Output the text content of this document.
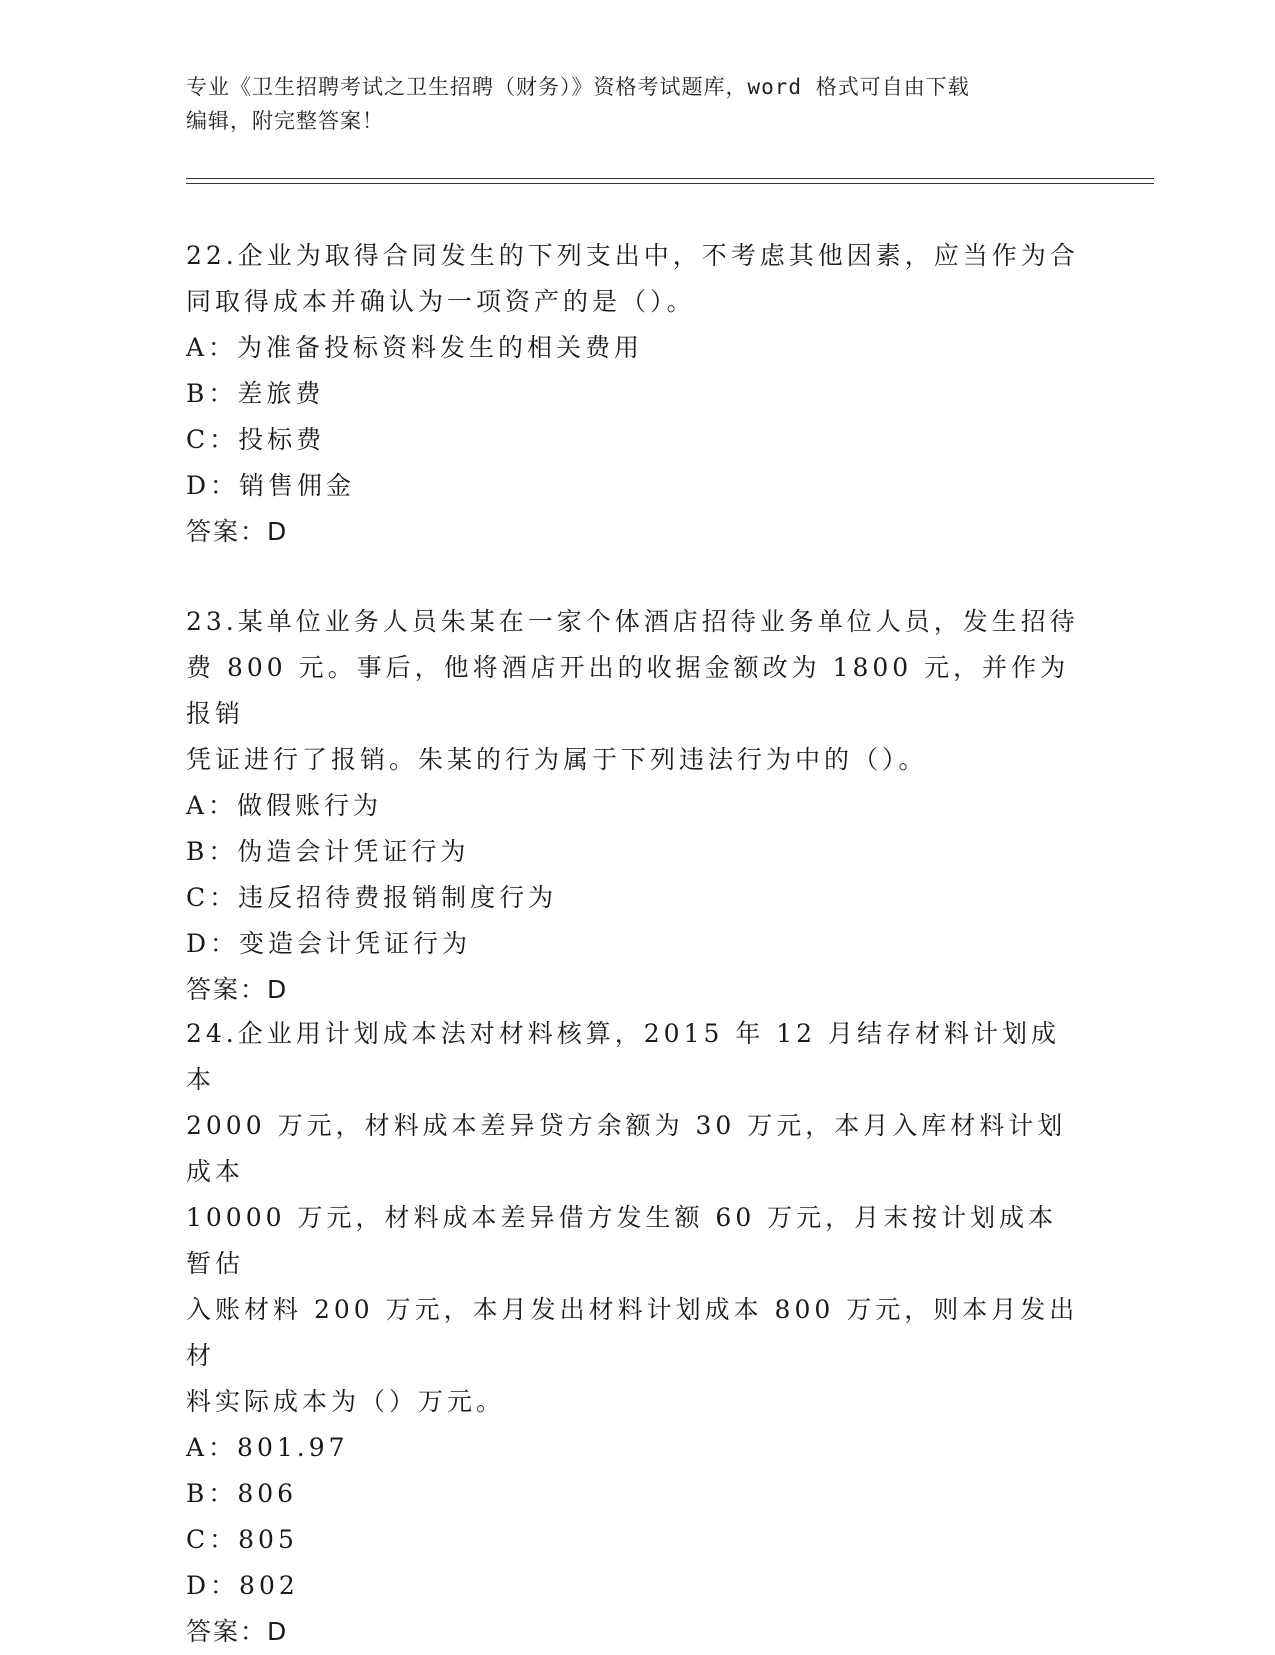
专业《卫生招聘考试之卫生招聘（财务）》资格考试题库，word 格式可自由下载
编辑，附完整答案！

22.企业为取得合同发生的下列支出中，不考虑其他因素，应当作为合

同取得成本并确认为一项资产的是（）。

A：为准备投标资料发生的相关费用

B：差旅费

C：投标费

D：销售佣金

答案：D

23.某单位业务人员朱某在一家个体酒店招待业务单位人员，发生招待

费 800 元。事后，他将酒店开出的收据金额改为 1800 元，并作为报销

凭证进行了报销。朱某的行为属于下列违法行为中的（）。

A：做假账行为

B：伪造会计凭证行为

C：违反招待费报销制度行为

D：变造会计凭证行为

答案：D

24.企业用计划成本法对材料核算，2015 年 12 月结存材料计划成本

2000 万元，材料成本差异贷方余额为 30 万元，本月入库材料计划成本

10000 万元，材料成本差异借方发生额 60 万元，月末按计划成本暂估

入账材料 200 万元，本月发出材料计划成本 800 万元，则本月发出材

料实际成本为（）万元。

A：801.97

B：806

C：805

D：802

答案：D
